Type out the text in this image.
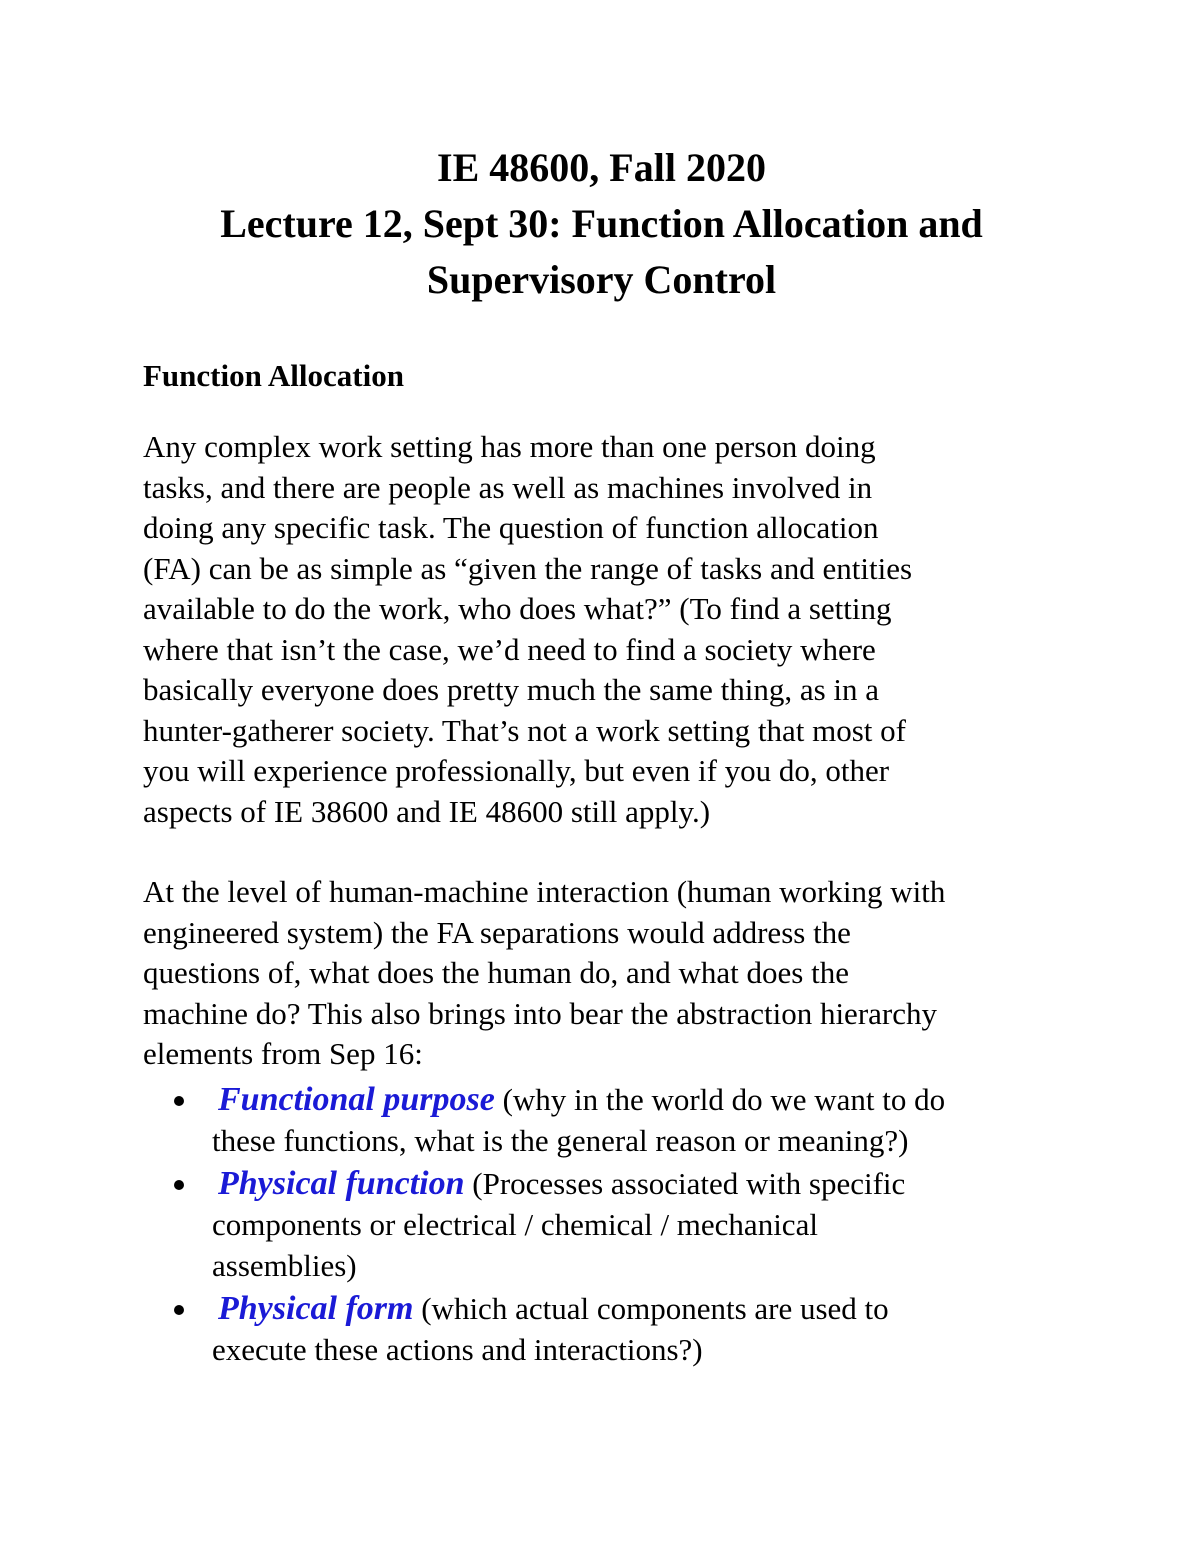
IE 48600, Fall 2020
Lecture 12, Sept 30: Function Allocation and
Supervisory Control
Function Allocation

Any complex work setting has more than one person doing
tasks, and there are people as well as machines involved in
doing any specific task. The question of function allocation
(FA) can be as simple as “given the range of tasks and entities
available to do the work, who does what?” (To find a setting
where that isn’t the case, we’d need to find a society where
basically everyone does pretty much the same thing, as in a
hunter-gatherer society. That’s not a work setting that most of
you will experience professionally, but even if you do, other
aspects of IE 38600 and IE 48600 still apply.)

At the level of human-machine interaction (human working with
engineered system) the FA separations would address the
questions of, what does the human do, and what does the
machine do? This also brings into bear the abstraction hierarchy
elements from Sep 16:

Functional purpose (why in the world do we want to do
these functions, what is the general reason or meaning?)
Physical function (Processes associated with specific
components or electrical / chemical / mechanical
assemblies)
Physical form (which actual components are used to
execute these actions and interactions?)
